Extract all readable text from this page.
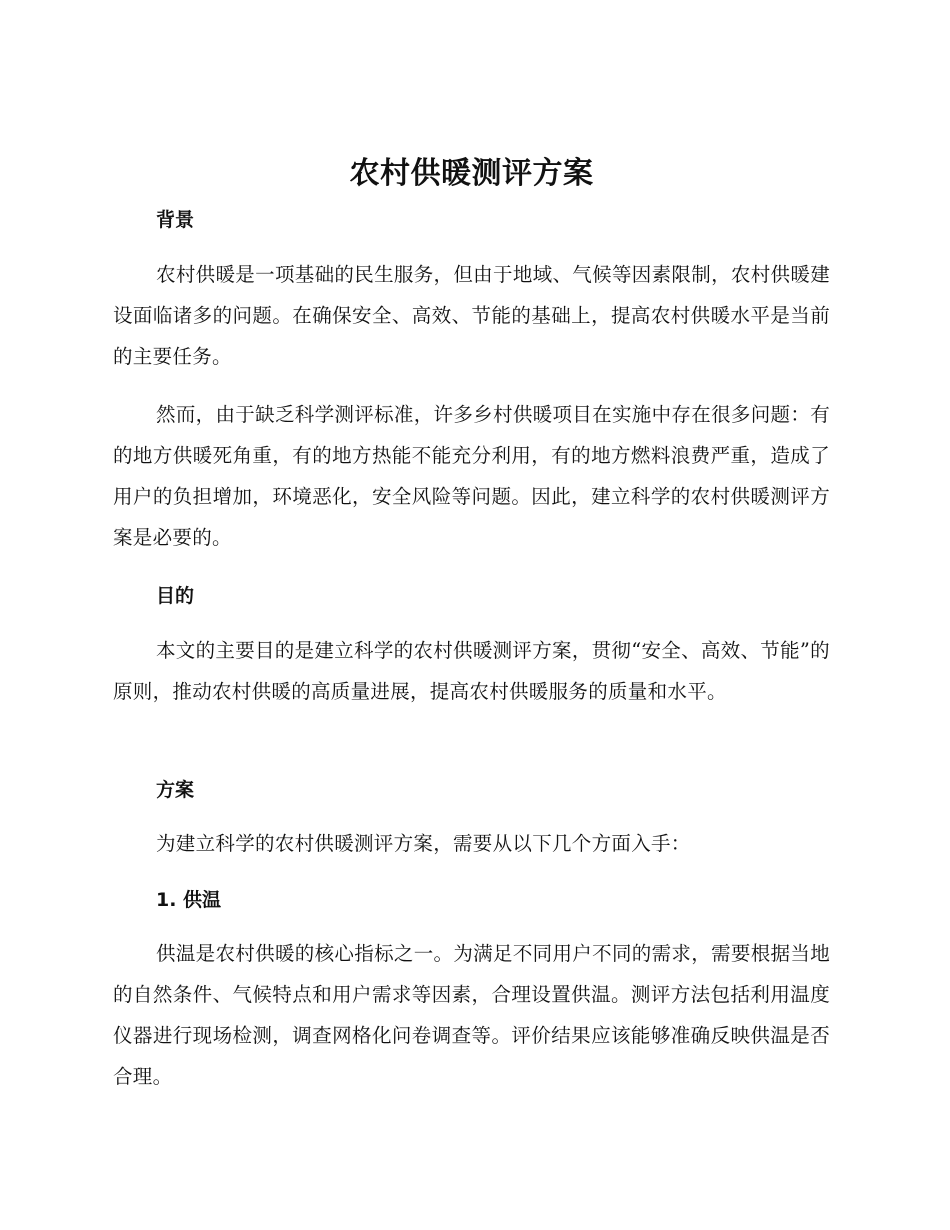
农村供暖测评方案
背景

农村供暖是一项基础的民生服务，但由于地域、气候等因素限制，农村供暖建设面临诸多的问题。在确保安全、高效、节能的基础上，提高农村供暖水平是当前的主要任务。

然而，由于缺乏科学测评标准，许多乡村供暖项目在实施中存在很多问题：有的地方供暖死角重，有的地方热能不能充分利用，有的地方燃料浪费严重，造成了用户的负担增加，环境恶化，安全风险等问题。因此，建立科学的农村供暖测评方案是必要的。

目的

本文的主要目的是建立科学的农村供暖测评方案，贯彻“安全、高效、节能”的原则，推动农村供暖的高质量进展，提高农村供暖服务的质量和水平。

方案

为建立科学的农村供暖测评方案，需要从以下几个方面入手：

1. 供温

供温是农村供暖的核心指标之一。为满足不同用户不同的需求，需要根据当地的自然条件、气候特点和用户需求等因素，合理设置供温。测评方法包括利用温度仪器进行现场检测，调查网格化问卷调查等。评价结果应该能够准确反映供温是否合理。
